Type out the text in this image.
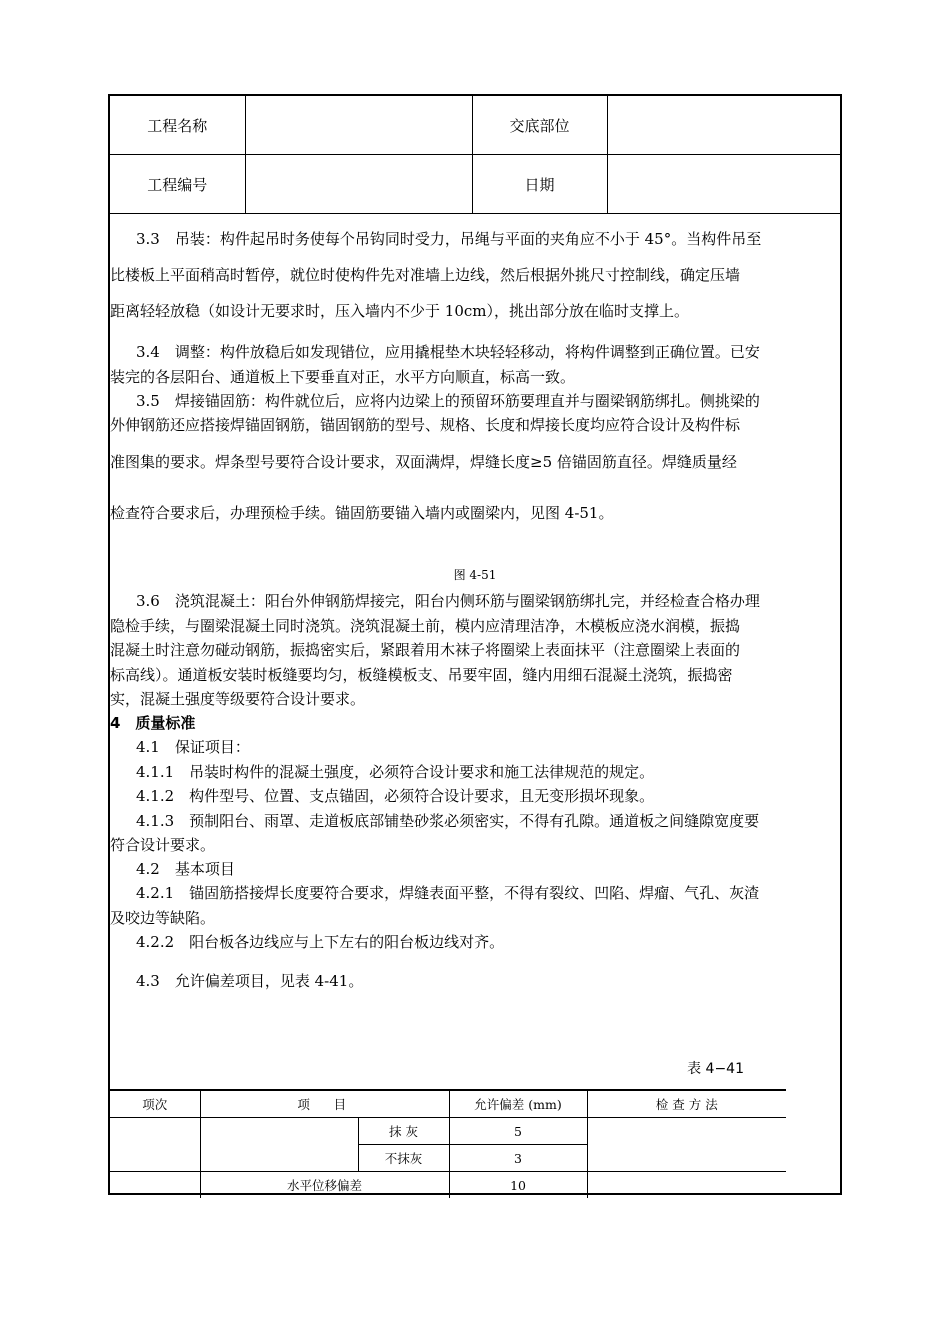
工程名称		交底部位	
工程编号		日期	
3.3　吊装：构件起吊时务使每个吊钩同时受力，吊绳与平面的夹角应不小于 45°。当构件吊至
比楼板上平面稍高时暂停，就位时使构件先对准墙上边线，然后根据外挑尺寸控制线，确定压墙
距离轻轻放稳（如设计无要求时，压入墙内不少于 10cm），挑出部分放在临时支撑上。
3.4　调整：构件放稳后如发现错位，应用撬棍垫木块轻轻移动，将构件调整到正确位置。已安
装完的各层阳台、通道板上下要垂直对正，水平方向顺直，标高一致。
3.5　焊接锚固筋：构件就位后，应将内边梁上的预留环筋要理直并与圈梁钢筋绑扎。侧挑梁的
外伸钢筋还应搭接焊锚固钢筋，锚固钢筋的型号、规格、长度和焊接长度均应符合设计及构件标
准图集的要求。焊条型号要符合设计要求，双面满焊，焊缝长度≥5 倍锚固筋直径。焊缝质量经
检查符合要求后，办理预检手续。锚固筋要锚入墙内或圈梁内，见图 4-51。
图 4-51
3.6　浇筑混凝土：阳台外伸钢筋焊接完，阳台内侧环筋与圈梁钢筋绑扎完，并经检查合格办理
隐检手续，与圈梁混凝土同时浇筑。浇筑混凝土前，模内应清理洁净，木模板应浇水润模，振捣
混凝土时注意勿碰动钢筋，振捣密实后，紧跟着用木袜子将圈梁上表面抹平（注意圈梁上表面的
标高线）。通道板安装时板缝要均匀，板缝模板支、吊要牢固，缝内用细石混凝土浇筑，振捣密
实，混凝土强度等级要符合设计要求。
4　质量标准
4.1　保证项目：
4.1.1　吊装时构件的混凝土强度，必须符合设计要求和施工法律规范的规定。
4.1.2　构件型号、位置、支点锚固，必须符合设计要求，且无变形损坏现象。
4.1.3　预制阳台、雨罩、走道板底部铺垫砂浆必须密实，不得有孔隙。通道板之间缝隙宽度要
符合设计要求。
4.2　基本项目
4.2.1　锚固筋搭接焊长度要符合要求，焊缝表面平整，不得有裂纹、凹陷、焊瘤、气孔、灰渣
及咬边等缺陷。
4.2.2　阳台板各边线应与上下左右的阳台板边线对齐。
4.3　允许偏差项目，见表 4-41。
表 4−41
项次	项　目		允许偏差 (mm)	检 查 方 法
		抹 灰	5	
		不抹灰	3	
	水平位移偏差		10	
